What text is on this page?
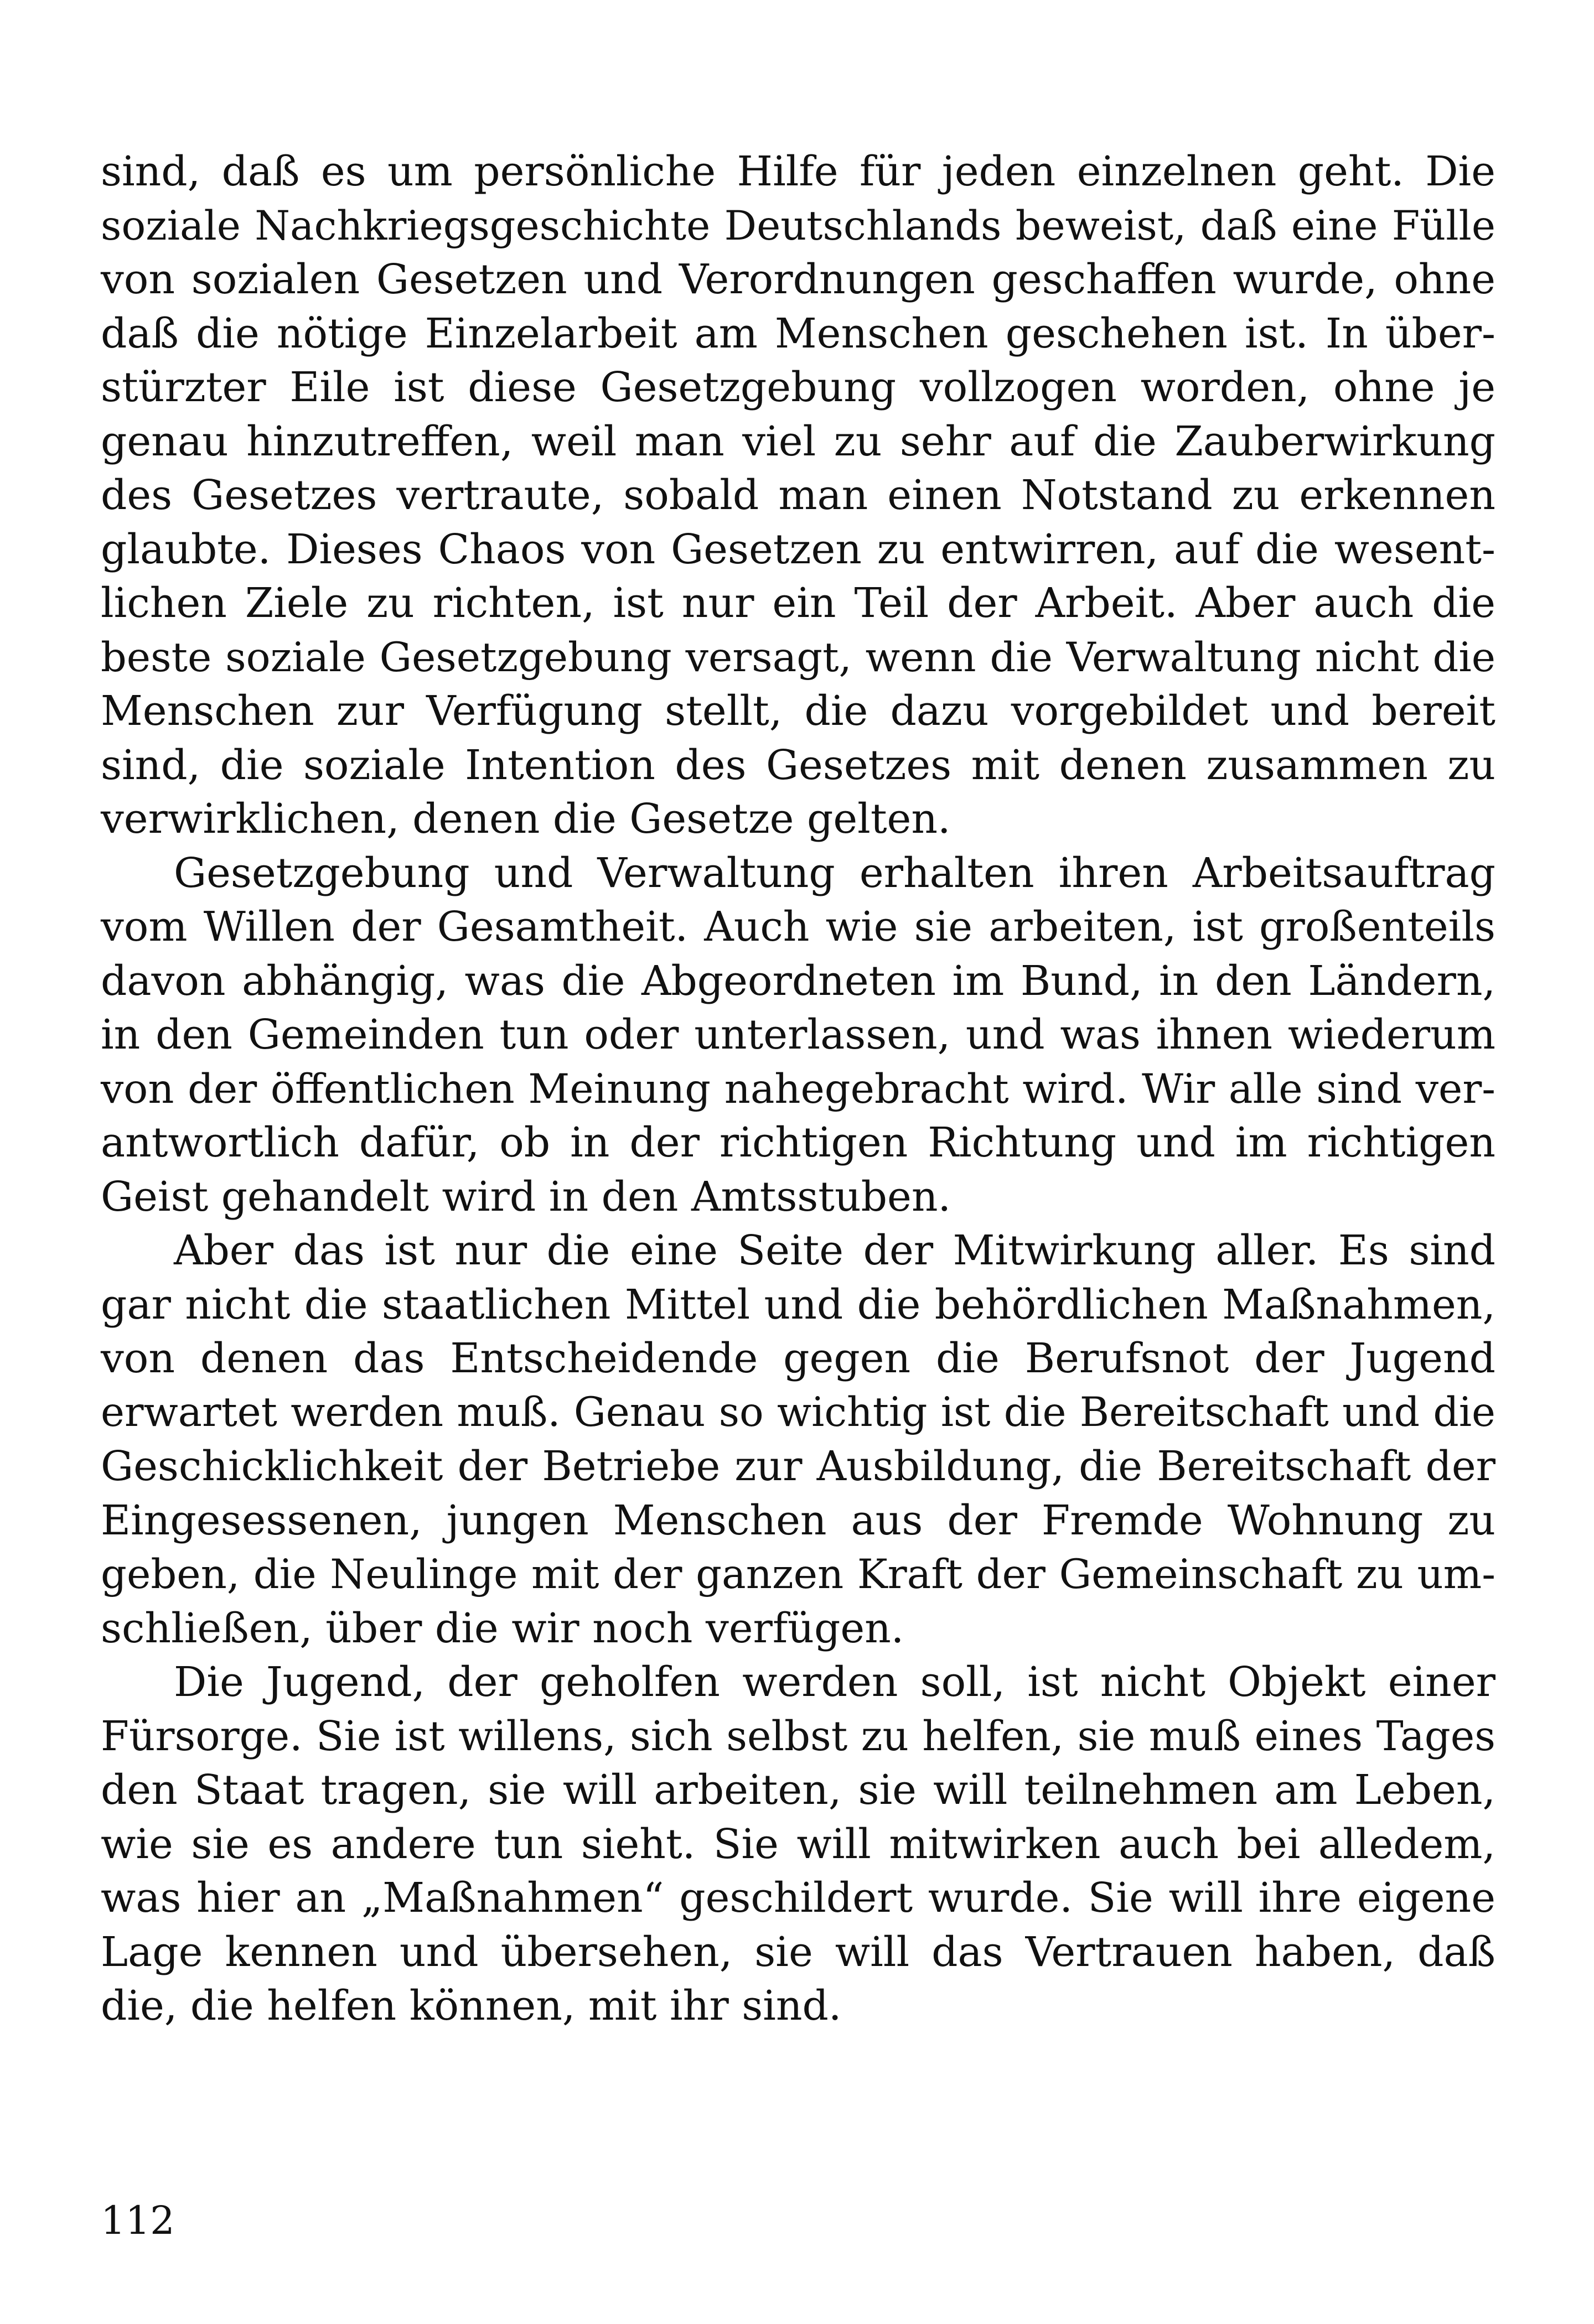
sind, daß es um persönliche Hilfe für jeden einzelnen geht. Die
soziale Nachkriegsgeschichte Deutschlands beweist, daß eine Fülle
von sozialen Gesetzen und Verordnungen geschaffen wurde, ohne
daß die nötige Einzelarbeit am Menschen geschehen ist. In über-
stürzter Eile ist diese Gesetzgebung vollzogen worden, ohne je
genau hinzutreffen, weil man viel zu sehr auf die Zauberwirkung
des Gesetzes vertraute, sobald man einen Notstand zu erkennen
glaubte. Dieses Chaos von Gesetzen zu entwirren, auf die wesent-
lichen Ziele zu richten, ist nur ein Teil der Arbeit. Aber auch die
beste soziale Gesetzgebung versagt, wenn die Verwaltung nicht die
Menschen zur Verfügung stellt, die dazu vorgebildet und bereit
sind, die soziale Intention des Gesetzes mit denen zusammen zu
verwirklichen, denen die Gesetze gelten.

Gesetzgebung und Verwaltung erhalten ihren Arbeitsauftrag
vom Willen der Gesamtheit. Auch wie sie arbeiten, ist großenteils
davon abhängig, was die Abgeordneten im Bund, in den Ländern,
in den Gemeinden tun oder unterlassen, und was ihnen wiederum
von der öffentlichen Meinung nahegebracht wird. Wir alle sind ver-
antwortlich dafür, ob in der richtigen Richtung und im richtigen
Geist gehandelt wird in den Amtsstuben.

Aber das ist nur die eine Seite der Mitwirkung aller. Es sind
gar nicht die staatlichen Mittel und die behördlichen Maßnahmen,
von denen das Entscheidende gegen die Berufsnot der Jugend
erwartet werden muß. Genau so wichtig ist die Bereitschaft und die
Geschicklichkeit der Betriebe zur Ausbildung, die Bereitschaft der
Eingesessenen, jungen Menschen aus der Fremde Wohnung zu
geben, die Neulinge mit der ganzen Kraft der Gemeinschaft zu um-
schließen, über die wir noch verfügen.

Die Jugend, der geholfen werden soll, ist nicht Objekt einer
Fürsorge. Sie ist willens, sich selbst zu helfen, sie muß eines Tages
den Staat tragen, sie will arbeiten, sie will teilnehmen am Leben,
wie sie es andere tun sieht. Sie will mitwirken auch bei alledem,
was hier an „Maßnahmen“ geschildert wurde. Sie will ihre eigene
Lage kennen und übersehen, sie will das Vertrauen haben, daß
die, die helfen können, mit ihr sind.

112
